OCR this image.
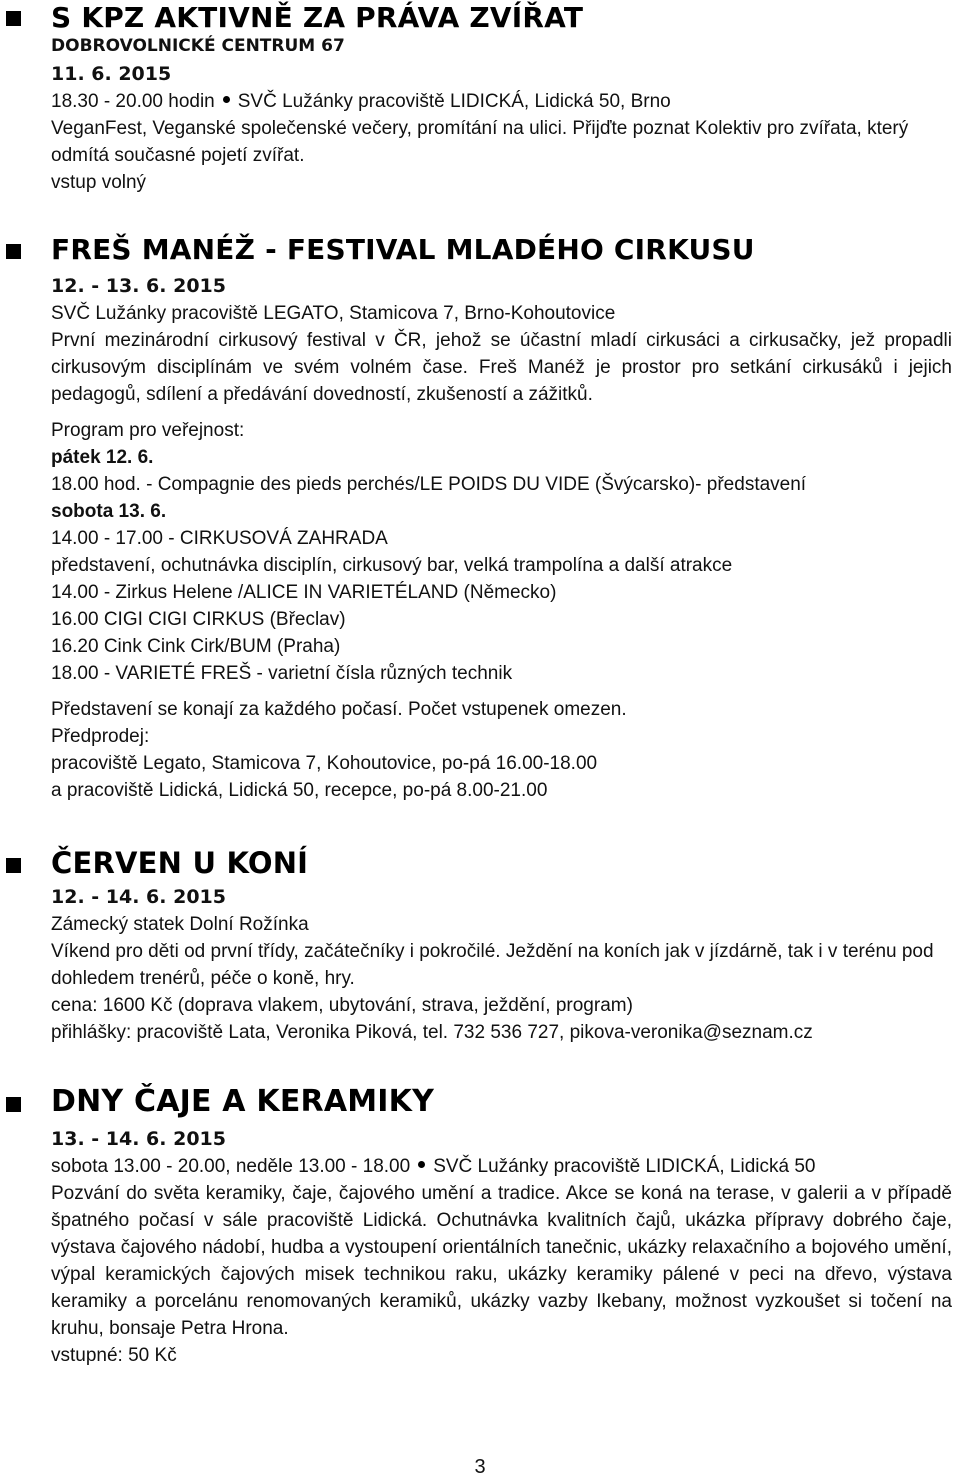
S KPZ AKTIVNĚ ZA PRÁVA ZVÍŘAT
DOBROVOLNICKÉ CENTRUM 67
11. 6. 2015
18.30 - 20.00 hodin SVČ Lužánky pracoviště LIDICKÁ, Lidická 50, Brno
VeganFest, Veganské společenské večery, promítání na ulici. Přijďte poznat Kolektiv pro zvířata, který odmítá současné pojetí zvířat.
vstup volný
FREŠ MANÉŽ - FESTIVAL MLADÉHO CIRKUSU
12. - 13. 6. 2015
SVČ Lužánky pracoviště LEGATO, Stamicova 7, Brno-Kohoutovice
První mezinárodní cirkusový festival v ČR, jehož se účastní mladí cirkusáci a cirkusačky, jež propadli cirkusovým disciplínám ve svém volném čase. Freš Manéž je prostor pro setkání cirkusáků i jejich pedagogů, sdílení a předávání dovedností, zkušeností a zážitků.
Program pro veřejnost:
pátek 12. 6.
18.00 hod. - Compagnie des pieds perchés/LE POIDS DU VIDE (Švýcarsko)- představení
sobota 13. 6.
14.00 - 17.00 - CIRKUSOVÁ ZAHRADA
představení, ochutnávka disciplín, cirkusový bar, velká trampolína a další atrakce
14.00 - Zirkus Helene /ALICE IN VARIETÉLAND (Německo)
16.00 CIGI CIGI CIRKUS (Břeclav)
16.20 Cink Cink Cirk/BUM (Praha)
18.00 - VARIETÉ FREŠ - varietní čísla různých technik
Představení se konají za každého počasí. Počet vstupenek omezen.
Předprodej:
pracoviště Legato, Stamicova 7, Kohoutovice, po-pá 16.00-18.00
a pracoviště Lidická, Lidická 50, recepce, po-pá 8.00-21.00
ČERVEN U KONÍ
12. - 14. 6. 2015
Zámecký statek Dolní Rožínka
Víkend pro děti od první třídy, začátečníky i pokročilé. Ježdění na koních jak v jízdárně, tak i v terénu pod dohledem trenérů, péče o koně, hry.
cena: 1600 Kč (doprava vlakem, ubytování, strava, ježdění, program)
přihlášky: pracoviště Lata, Veronika Piková, tel. 732 536 727, pikova-veronika@seznam.cz
DNY ČAJE A KERAMIKY
13. - 14. 6. 2015
sobota 13.00 - 20.00, neděle 13.00 - 18.00 SVČ Lužánky pracoviště LIDICKÁ, Lidická 50
Pozvání do světa keramiky, čaje, čajového umění a tradice. Akce se koná na terase, v galerii a v případě špatného počasí v sále pracoviště Lidická. Ochutnávka kvalitních čajů, ukázka přípravy dobrého čaje, výstava čajového nádobí, hudba a vystoupení orientálních tanečnic, ukázky relaxačního a bojového umění, výpal keramických čajových misek technikou raku, ukázky keramiky pálené v peci na dřevo, výstava keramiky a porcelánu renomovaných keramiků, ukázky vazby Ikebany, možnost vyzkoušet si točení na kruhu, bonsaje Petra Hrona.
vstupné: 50 Kč
3
